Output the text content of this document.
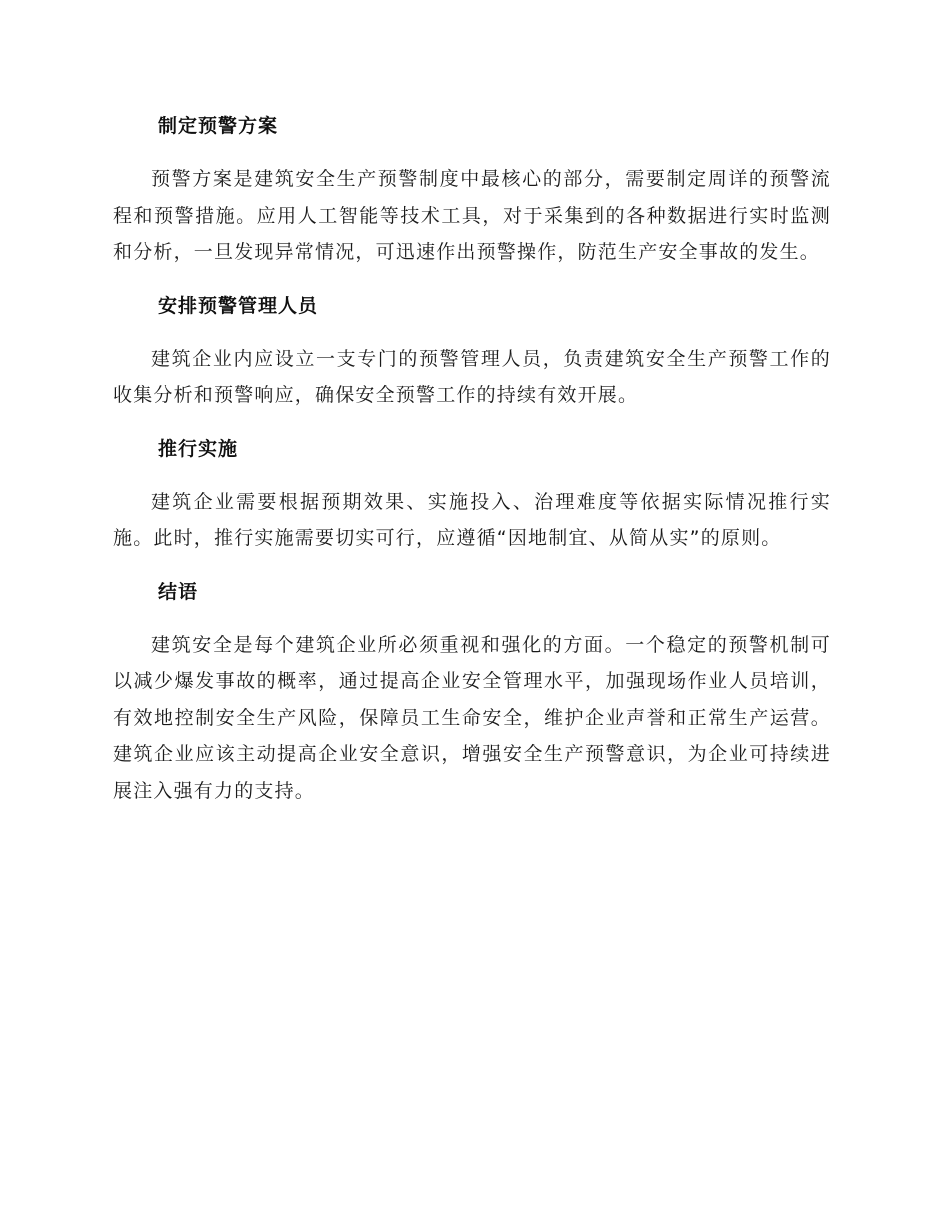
制定预警方案

预警方案是建筑安全生产预警制度中最核心的部分，需要制定周详的预警流程和预警措施。应用人工智能等技术工具，对于采集到的各种数据进行实时监测和分析，一旦发现异常情况，可迅速作出预警操作，防范生产安全事故的发生。

安排预警管理人员

建筑企业内应设立一支专门的预警管理人员，负责建筑安全生产预警工作的收集分析和预警响应，确保安全预警工作的持续有效开展。

推行实施

建筑企业需要根据预期效果、实施投入、治理难度等依据实际情况推行实施。此时，推行实施需要切实可行，应遵循“因地制宜、从简从实”的原则。

结语

建筑安全是每个建筑企业所必须重视和强化的方面。一个稳定的预警机制可以减少爆发事故的概率，通过提高企业安全管理水平，加强现场作业人员培训，有效地控制安全生产风险，保障员工生命安全，维护企业声誉和正常生产运营。建筑企业应该主动提高企业安全意识，增强安全生产预警意识，为企业可持续进展注入强有力的支持。
